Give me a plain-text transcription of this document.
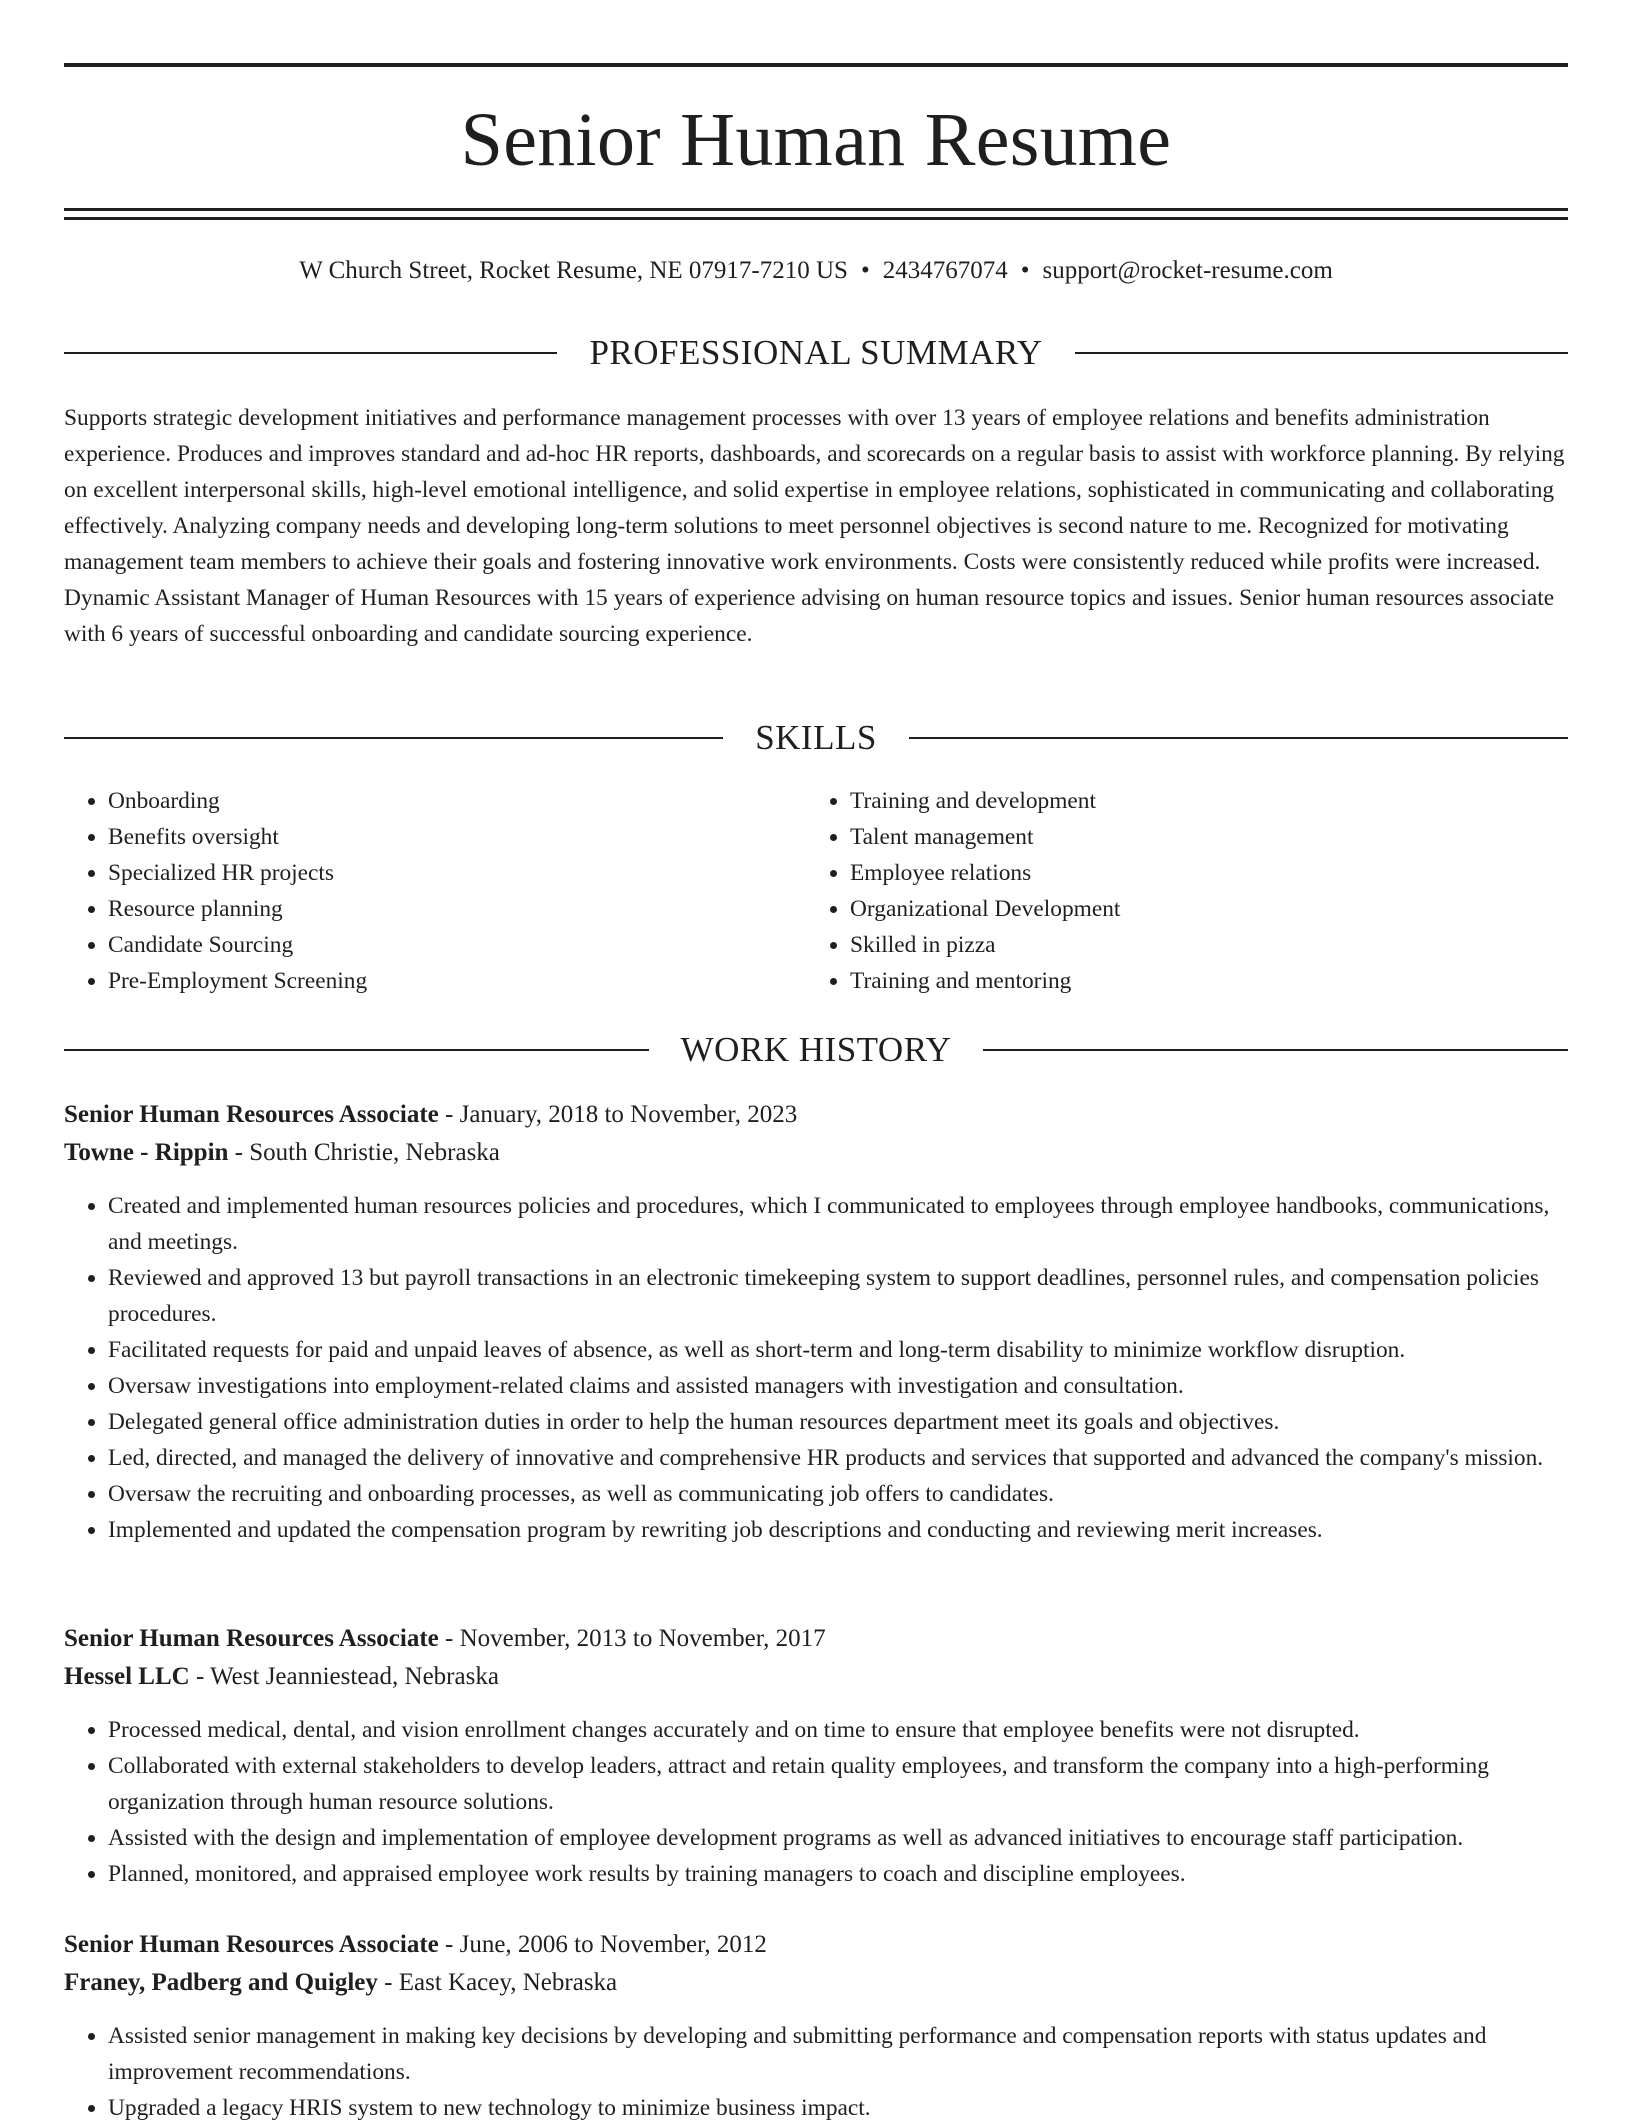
Senior Human Resume
W Church Street, Rocket Resume, NE 07917-7210 US • 2434767074 • support@rocket-resume.com
PROFESSIONAL SUMMARY

Supports strategic development initiatives and performance management processes with over 13 years of employee relations and benefits administration experience. Produces and improves standard and ad-hoc HR reports, dashboards, and scorecards on a regular basis to assist with workforce planning. By relying on excellent interpersonal skills, high-level emotional intelligence, and solid expertise in employee relations, sophisticated in communicating and collaborating effectively. Analyzing company needs and developing long-term solutions to meet personnel objectives is second nature to me. Recognized for motivating management team members to achieve their goals and fostering innovative work environments. Costs were consistently reduced while profits were increased. Dynamic Assistant Manager of Human Resources with 15 years of experience advising on human resource topics and issues. Senior human resources associate with 6 years of successful onboarding and candidate sourcing experience.

SKILLS
• Onboarding
• Benefits oversight
• Specialized HR projects
• Resource planning
• Candidate Sourcing
• Pre-Employment Screening
• Training and development
• Talent management
• Employee relations
• Organizational Development
• Skilled in pizza
• Training and mentoring
WORK HISTORY

Senior Human Resources Associate - January, 2018 to November, 2023

Towne - Rippin - South Christie, Nebraska

• Created and implemented human resources policies and procedures, which I communicated to employees through employee handbooks, communications, and meetings.
• Reviewed and approved 13 but payroll transactions in an electronic timekeeping system to support deadlines, personnel rules, and compensation policies procedures.
• Facilitated requests for paid and unpaid leaves of absence, as well as short-term and long-term disability to minimize workflow disruption.
• Oversaw investigations into employment-related claims and assisted managers with investigation and consultation.
• Delegated general office administration duties in order to help the human resources department meet its goals and objectives.
• Led, directed, and managed the delivery of innovative and comprehensive HR products and services that supported and advanced the company's mission.
• Oversaw the recruiting and onboarding processes, as well as communicating job offers to candidates.
• Implemented and updated the compensation program by rewriting job descriptions and conducting and reviewing merit increases.

Senior Human Resources Associate - November, 2013 to November, 2017

Hessel LLC - West Jeanniestead, Nebraska

• Processed medical, dental, and vision enrollment changes accurately and on time to ensure that employee benefits were not disrupted.
• Collaborated with external stakeholders to develop leaders, attract and retain quality employees, and transform the company into a high-performing organization through human resource solutions.
• Assisted with the design and implementation of employee development programs as well as advanced initiatives to encourage staff participation.
• Planned, monitored, and appraised employee work results by training managers to coach and discipline employees.

Senior Human Resources Associate - June, 2006 to November, 2012

Franey, Padberg and Quigley - East Kacey, Nebraska

• Assisted senior management in making key decisions by developing and submitting performance and compensation reports with status updates and improvement recommendations.
• Upgraded a legacy HRIS system to new technology to minimize business impact.
